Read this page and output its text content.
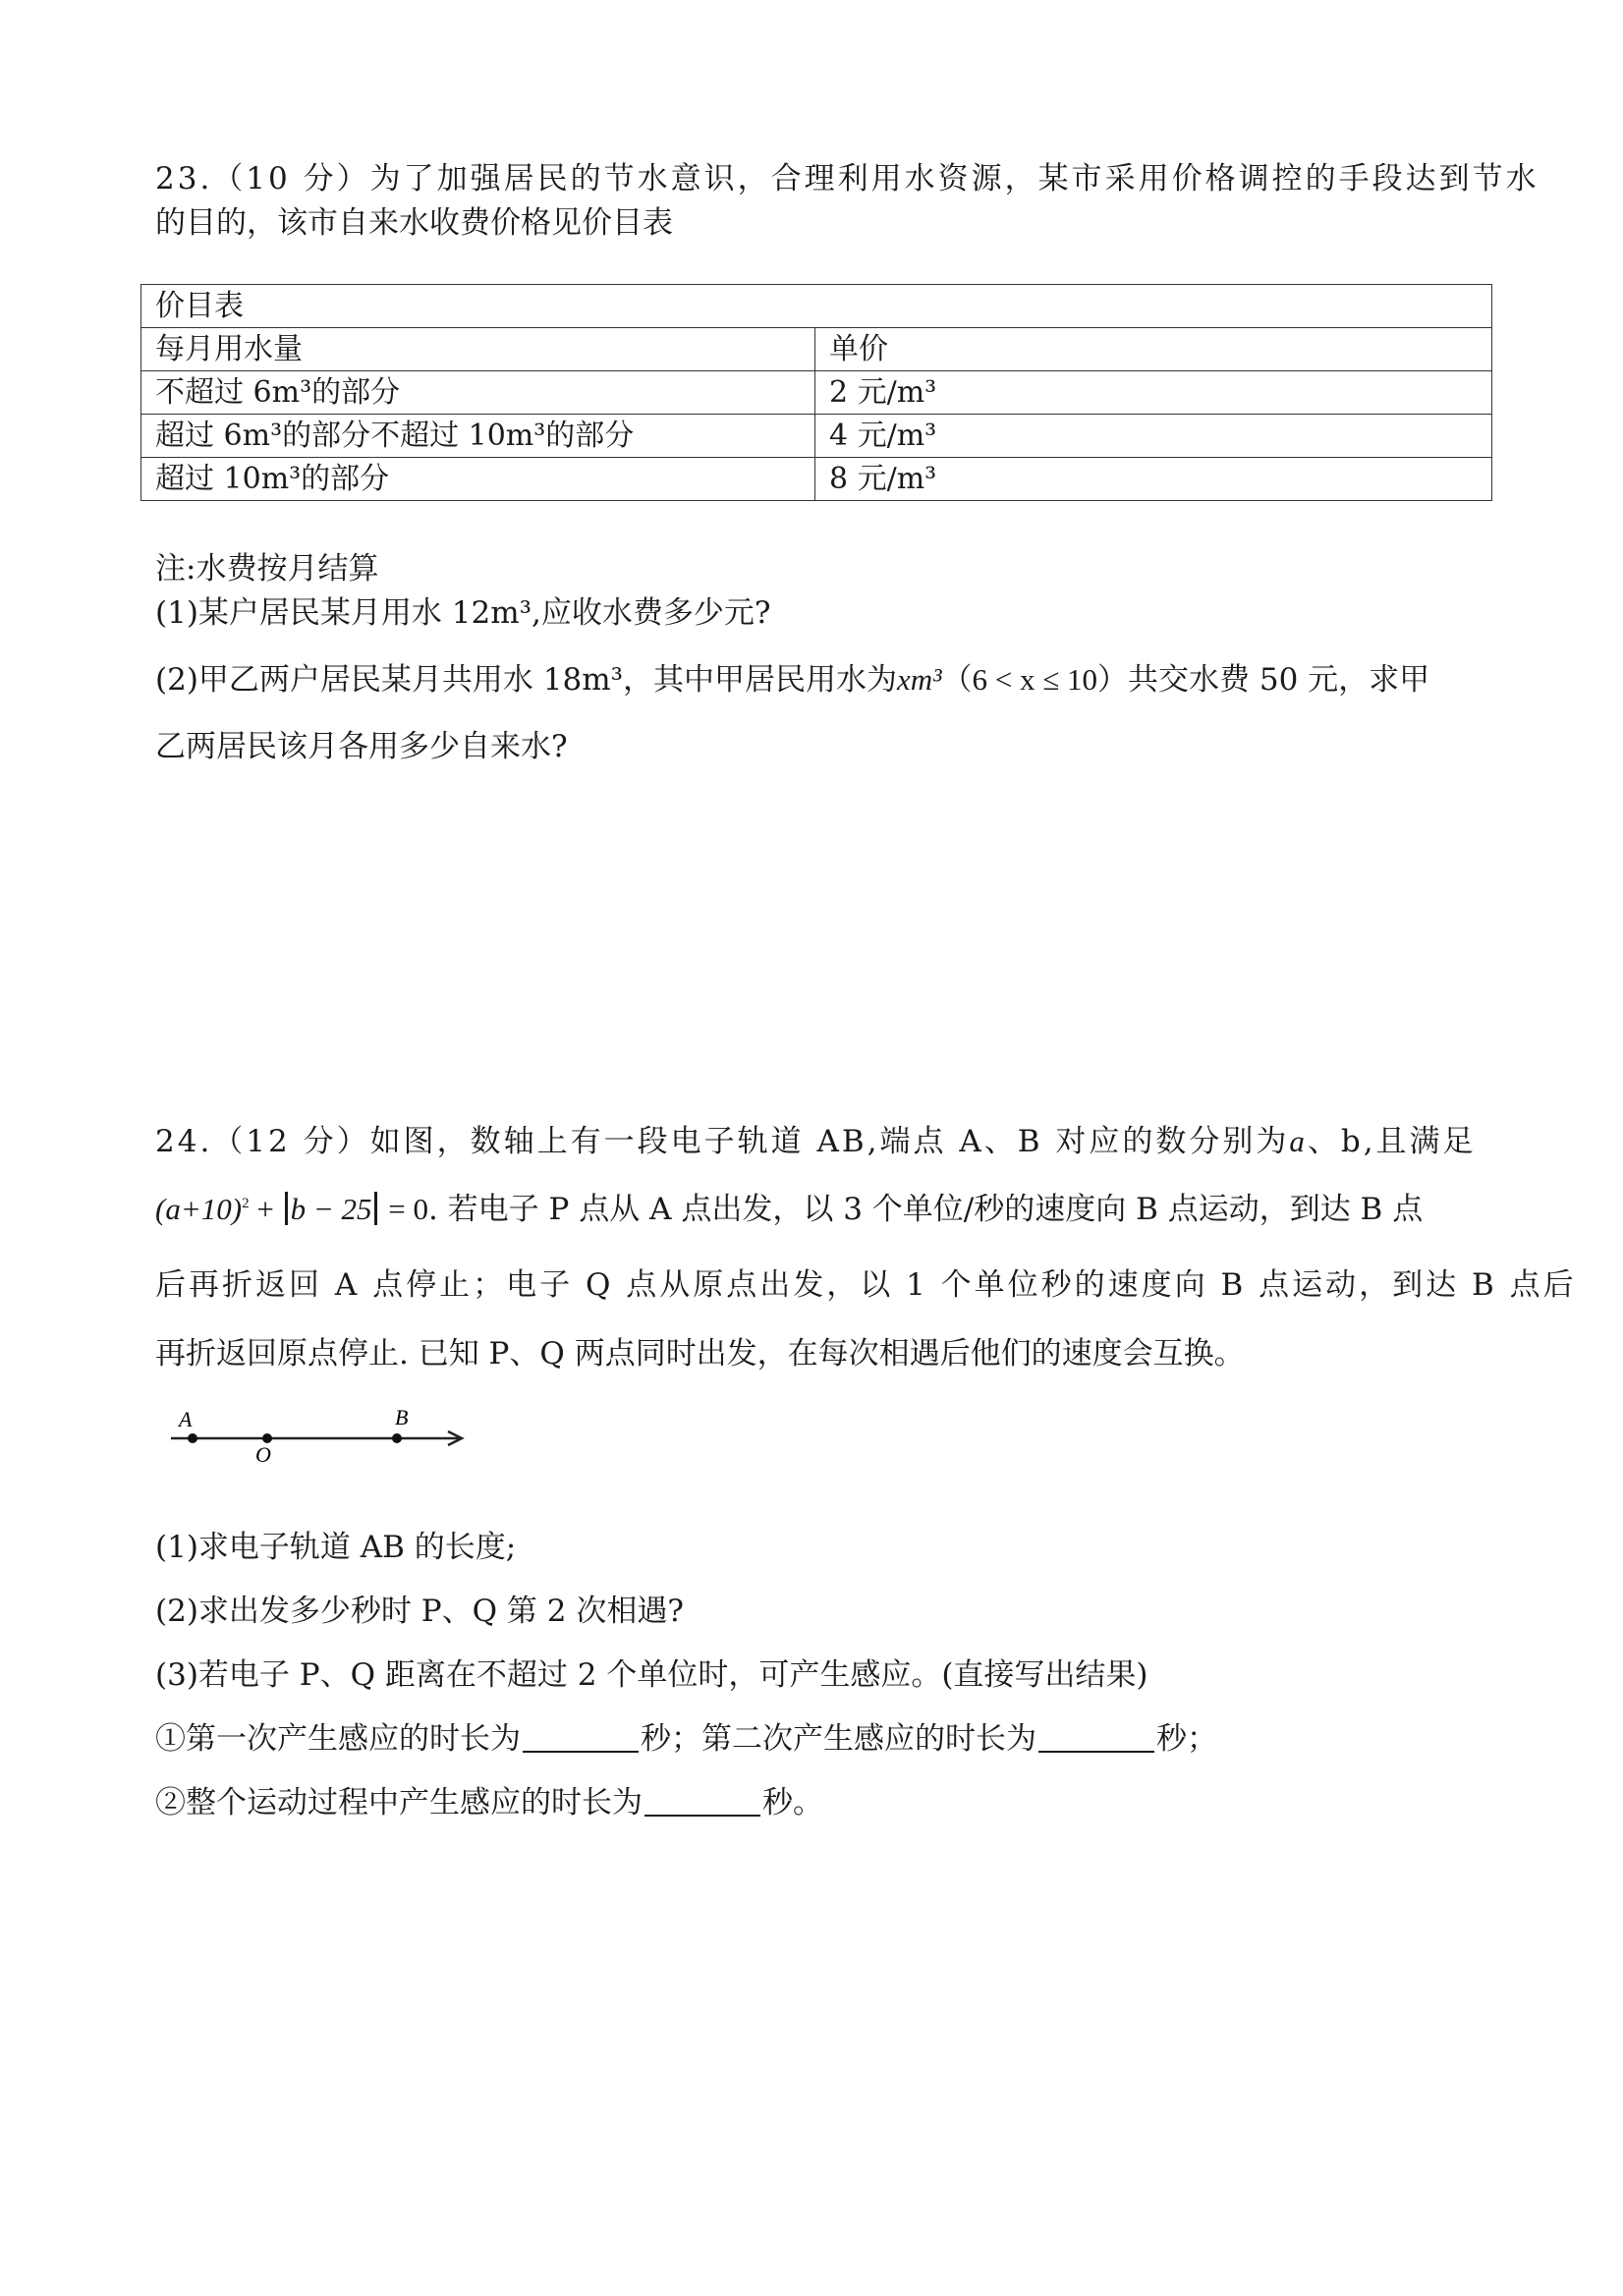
23.（10 分）为了加强居民的节水意识，合理利用水资源，某市采用价格调控的手段达到节水
的目的，该市自来水收费价格见价目表
价目表	
每月用水量	单价
不超过 6m³的部分	2 元/m³
超过 6m³的部分不超过 10m³的部分	4 元/m³
超过 10m³的部分	8 元/m³
注:水费按月结算
(1)某户居民某月用水 12m³,应收水费多少元?
(2)甲乙两户居民某月共用水 18m³，其中甲居民用水为xm³（6 < x ≤ 10）共交水费 50 元，求甲
乙两居民该月各用多少自来水?
24.（12 分）如图，数轴上有一段电子轨道 AB,端点 A、B 对应的数分别为a、b,且满足
$(a+10)^2 + b - 25 = 0$. 若电子 P 点从 A 点出发，以 3 个单位/秒的速度向 B 点运动，到达 B 点
后再折返回 A 点停止；电子 Q 点从原点出发，以 1 个单位秒的速度向 B 点运动，到达 B 点后
再折返回原点停止. 已知 P、Q 两点同时出发，在每次相遇后他们的速度会互换。
A
O
B
(1)求电子轨道 AB 的长度;
(2)求出发多少秒时 P、Q 第 2 次相遇?
(3)若电子 P、Q 距离在不超过 2 个单位时，可产生感应。(直接写出结果)
①第一次产生感应的时长为	秒；第二次产生感应的时长为	秒；
②整个运动过程中产生感应的时长为	秒。
